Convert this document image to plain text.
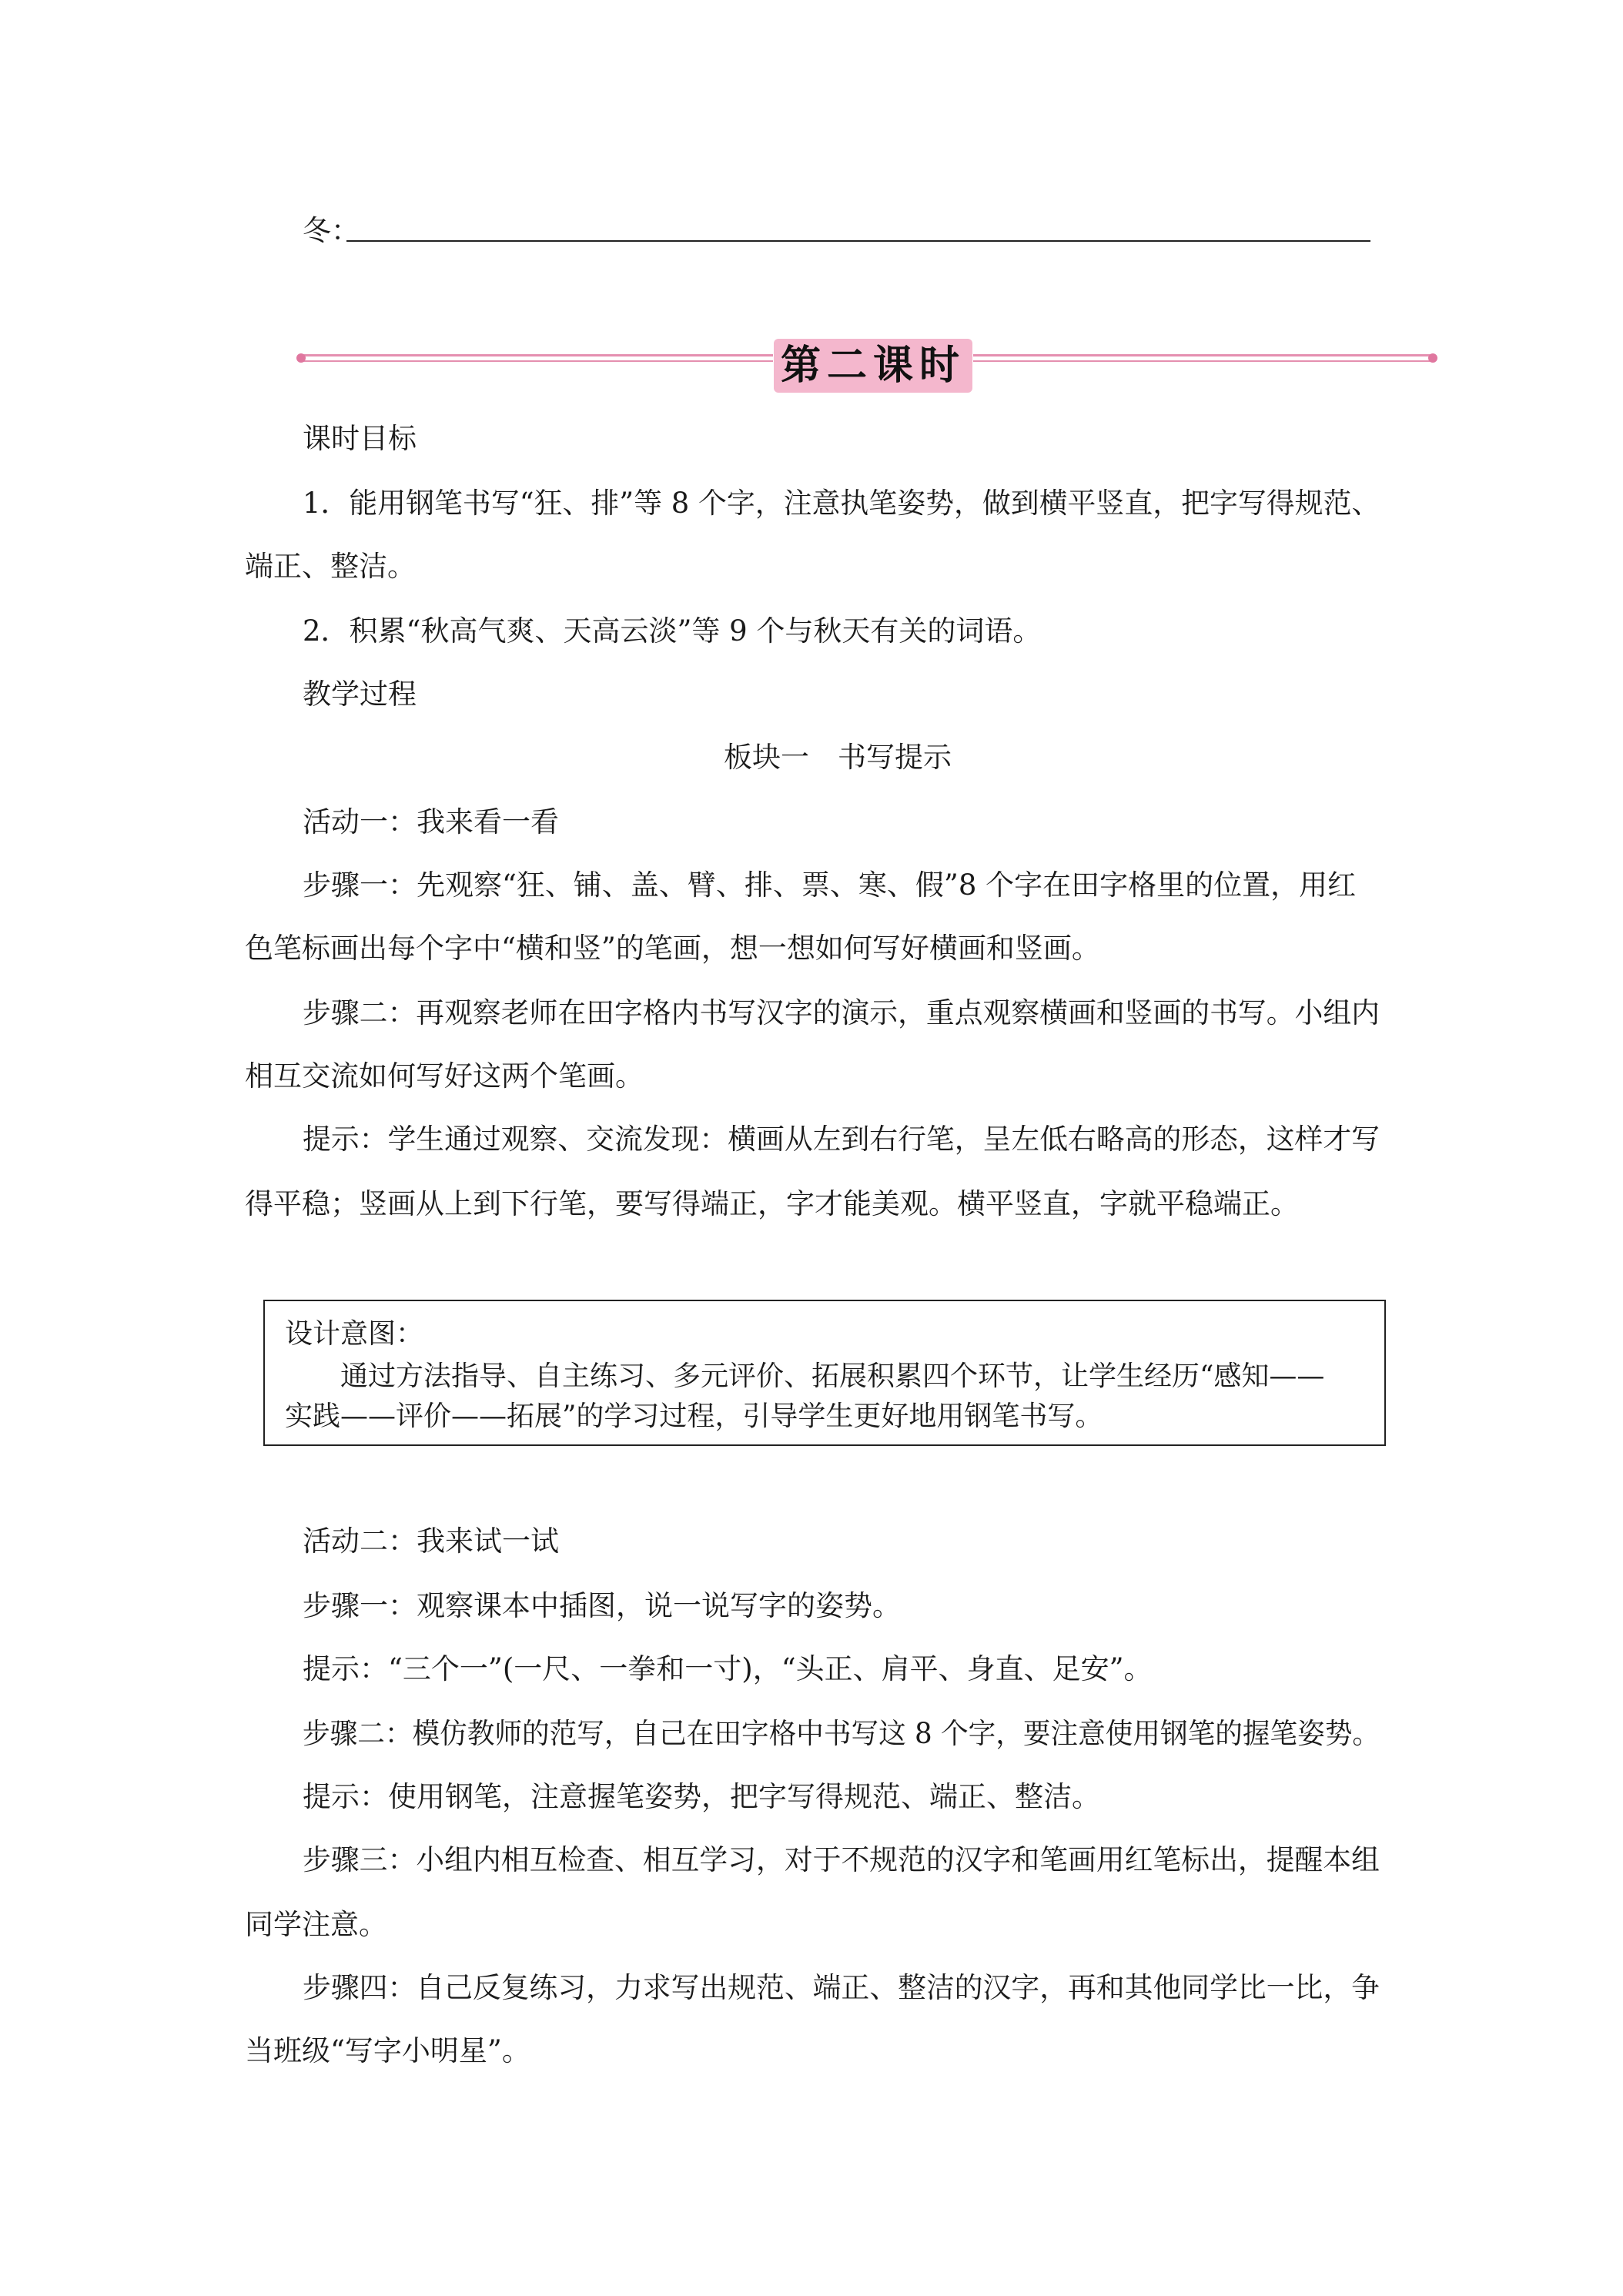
冬：
第二课时
课时目标
1．能用钢笔书写“狂、排”等 8 个字，注意执笔姿势，做到横平竖直，把字写得规范、
端正、整洁。
2．积累“秋高气爽、天高云淡”等 9 个与秋天有关的词语。
教学过程
板块一　书写提示
活动一：我来看一看
步骤一：先观察“狂、铺、盖、臂、排、票、寒、假”8 个字在田字格里的位置，用红
色笔标画出每个字中“横和竖”的笔画，想一想如何写好横画和竖画。
步骤二：再观察老师在田字格内书写汉字的演示，重点观察横画和竖画的书写。小组内
相互交流如何写好这两个笔画。
提示：学生通过观察、交流发现：横画从左到右行笔，呈左低右略高的形态，这样才写
得平稳；竖画从上到下行笔，要写得端正，字才能美观。横平竖直，字就平稳端正。
设计意图：
通过方法指导、自主练习、多元评价、拓展积累四个环节，让学生经历“感知——
实践——评价——拓展”的学习过程，引导学生更好地用钢笔书写。
活动二：我来试一试
步骤一：观察课本中插图，说一说写字的姿势。
提示：“三个一”(一尺、一拳和一寸)，“头正、肩平、身直、足安”。
步骤二：模仿教师的范写，自己在田字格中书写这 8 个字，要注意使用钢笔的握笔姿势。
提示：使用钢笔，注意握笔姿势，把字写得规范、端正、整洁。
步骤三：小组内相互检查、相互学习，对于不规范的汉字和笔画用红笔标出，提醒本组
同学注意。
步骤四：自己反复练习，力求写出规范、端正、整洁的汉字，再和其他同学比一比，争
当班级“写字小明星”。
